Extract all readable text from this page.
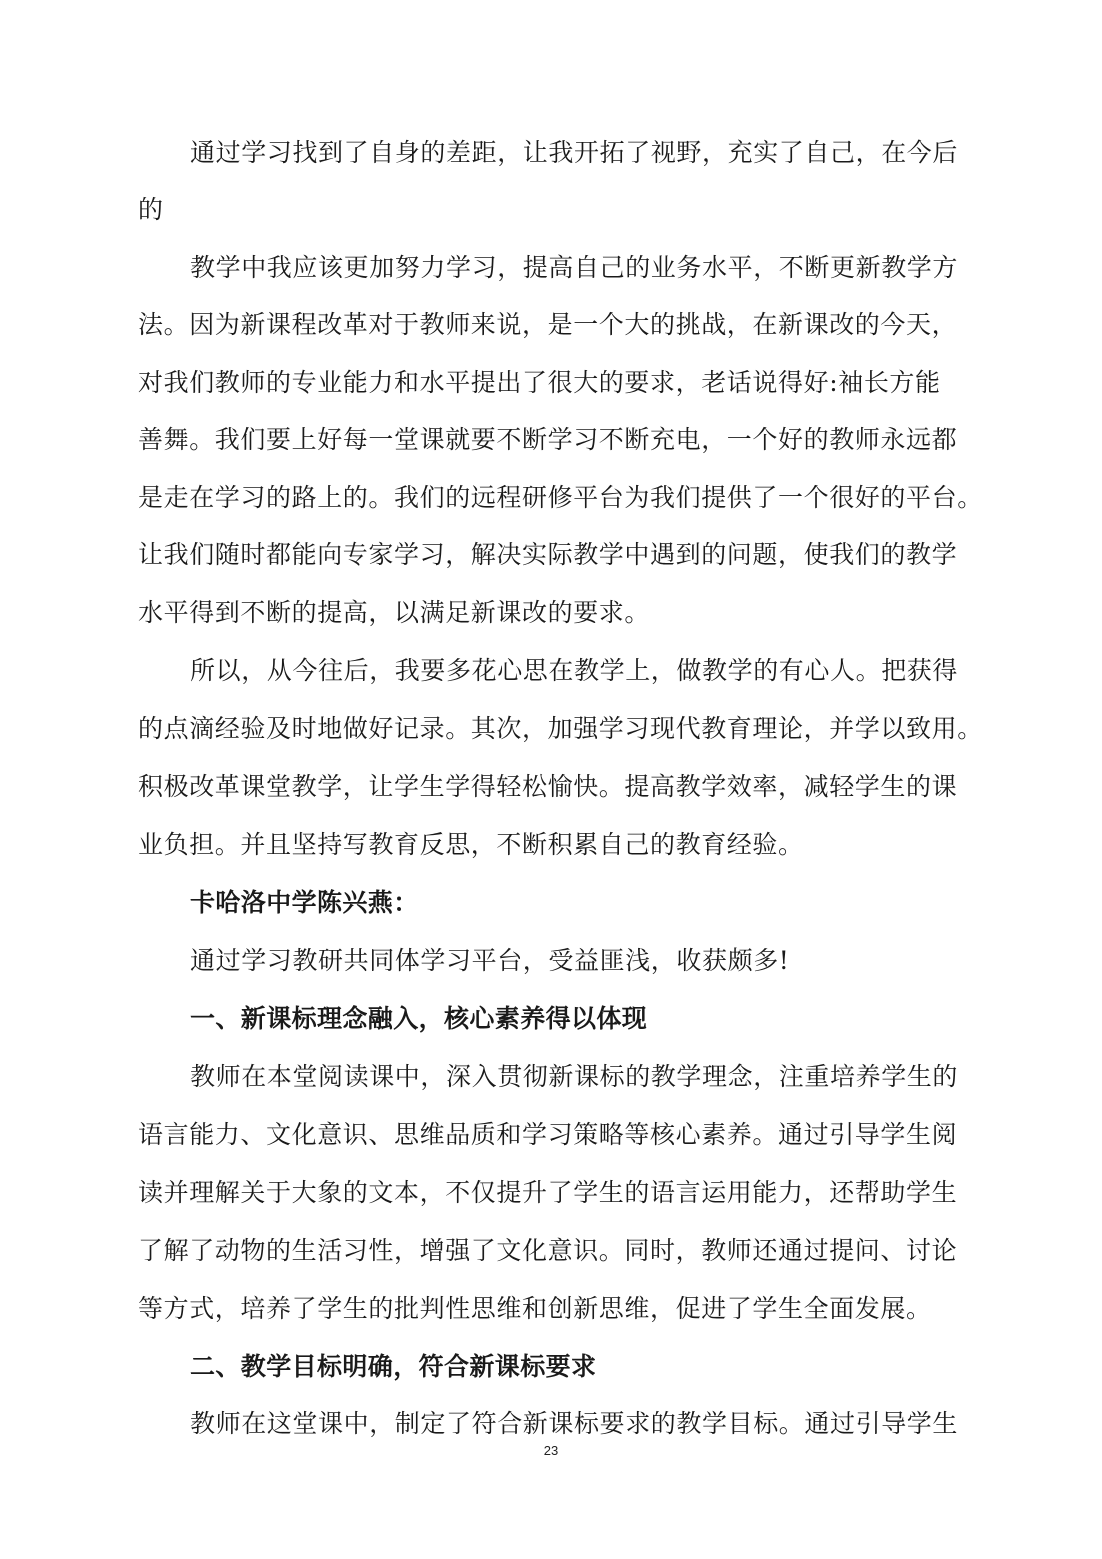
通过学习找到了自身的差距，让我开拓了视野，充实了自己，在今后
的
教学中我应该更加努力学习，提高自己的业务水平，不断更新教学方
法。因为新课程改革对于教师来说，是一个大的挑战，在新课改的今天，
对我们教师的专业能力和水平提出了很大的要求，老话说得好:袖长方能
善舞。我们要上好每一堂课就要不断学习不断充电，一个好的教师永远都
是走在学习的路上的。我们的远程研修平台为我们提供了一个很好的平台。
让我们随时都能向专家学习，解决实际教学中遇到的问题，使我们的教学
水平得到不断的提高，以满足新课改的要求。
所以，从今往后，我要多花心思在教学上，做教学的有心人。把获得
的点滴经验及时地做好记录。其次，加强学习现代教育理论，并学以致用。
积极改革课堂教学，让学生学得轻松愉快。提高教学效率，减轻学生的课
业负担。并且坚持写教育反思，不断积累自己的教育经验。
卡哈洛中学陈兴燕：
通过学习教研共同体学习平台，受益匪浅，收获颇多!
一、新课标理念融入，核心素养得以体现
教师在本堂阅读课中，深入贯彻新课标的教学理念，注重培养学生的
语言能力、文化意识、思维品质和学习策略等核心素养。通过引导学生阅
读并理解关于大象的文本，不仅提升了学生的语言运用能力，还帮助学生
了解了动物的生活习性，增强了文化意识。同时，教师还通过提问、讨论
等方式，培养了学生的批判性思维和创新思维，促进了学生全面发展。
二、教学目标明确，符合新课标要求
教师在这堂课中，制定了符合新课标要求的教学目标。通过引导学生
23
